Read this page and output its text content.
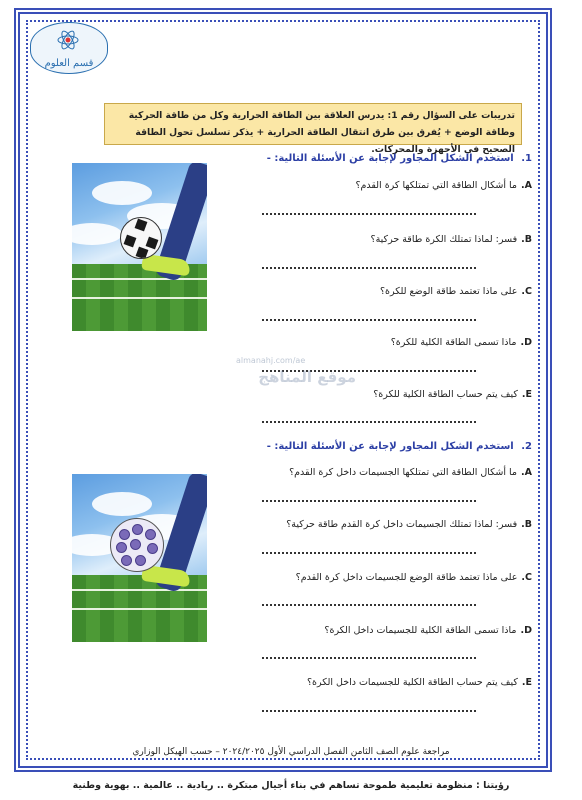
قسم العلوم
تدريبات على السؤال رقم 1: يدرس العلاقة بين الطاقة الحرارية وكل من طاقة الحركية وطاقة الوضع + يُفرق بين طرق انتقال الطاقة الحرارية + يذكر تسلسل تحول الطاقة الصحيح في الأجهزة والمحركات.
1. استخدم الشكل المجاور لإجابة عن الأسئلة التالية: -
A.ما أشكال الطاقة التي تمتلكها كرة القدم؟
B.فسر: لماذا تمتلك الكرة طاقة حركية؟
C.على ماذا تعتمد طاقة الوضع للكرة؟
D.ماذا تسمى الطاقة الكلية للكرة؟
E.كيف يتم حساب الطاقة الكلية للكرة؟
almanahj.com/ae
موقع المناهج
2. استخدم الشكل المجاور لإجابة عن الأسئلة التالية: -
A.ما أشكال الطاقة التي تمتلكها الجسيمات داخل كرة القدم؟
B.فسر: لماذا تمتلك الجسيمات داخل كرة القدم طاقة حركية؟
C.على ماذا تعتمد طاقة الوضع للجسيمات داخل كرة القدم؟
D.ماذا تسمى الطاقة الكلية للجسيمات داخل الكرة؟
E.كيف يتم حساب الطاقة الكلية للجسيمات داخل الكرة؟
مراجعة علوم الصف الثامن الفصل الدراسي الأول ٢٠٢٤/٢٠٢٥ – حسب الهيكل الوزاري
رؤيتنا : منظومة تعليمية طموحة تساهم في بناء أجيال مبتكرة .. ريادية .. عالمية .. بهوية وطنية
